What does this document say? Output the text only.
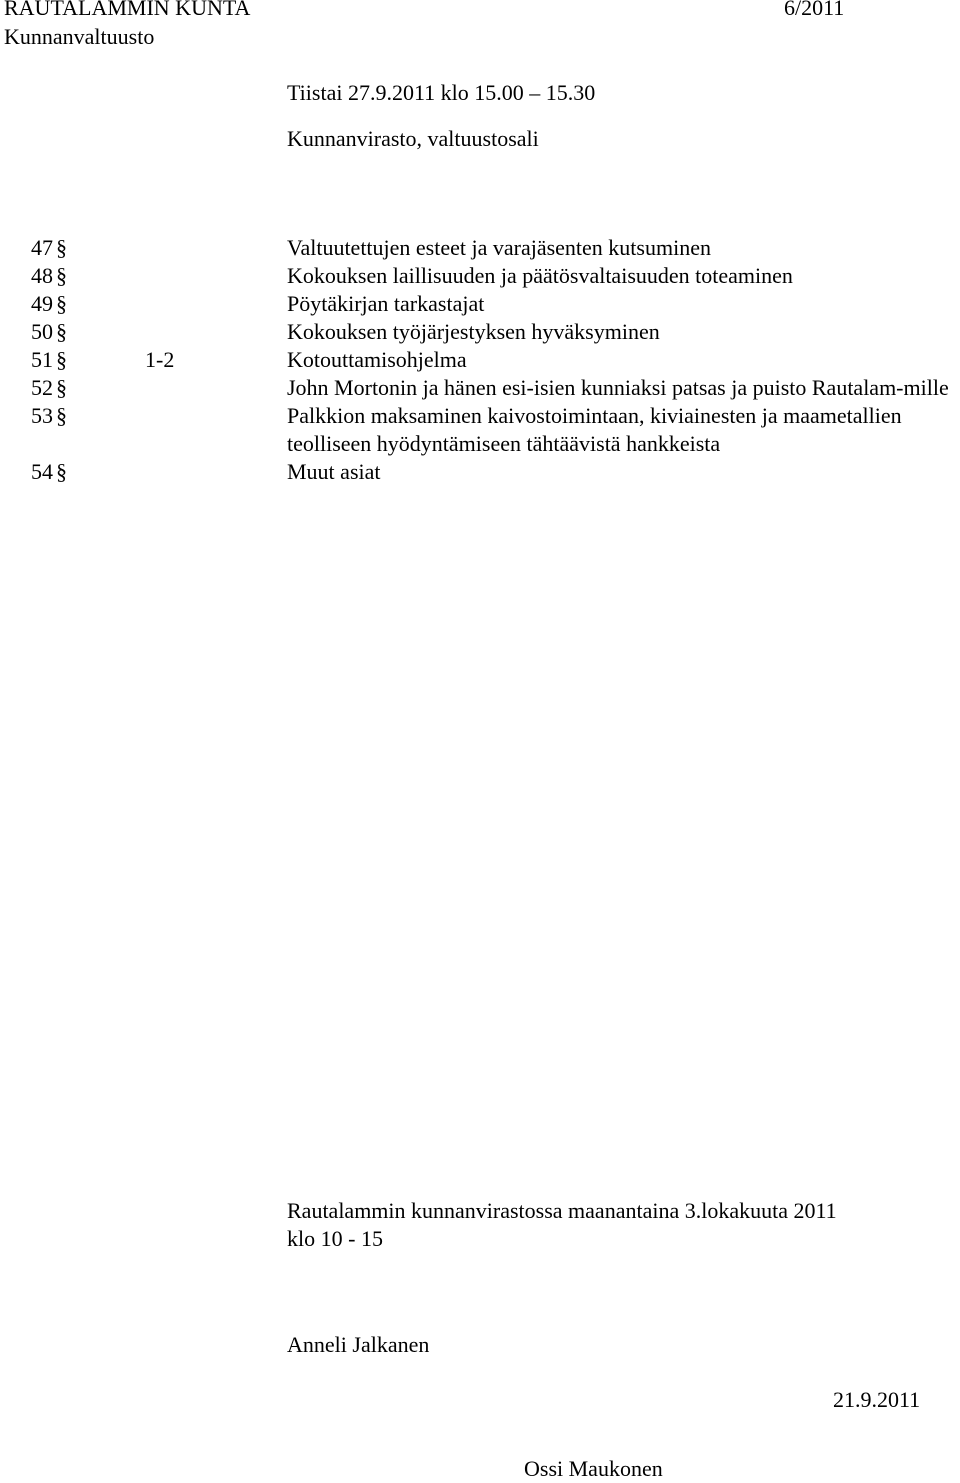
RAUTALAMMIN KUNTA
Kunnanvaltuusto
6/2011
Tiistai 27.9.2011 klo 15.00 – 15.30
Kunnanvirasto, valtuustosali
47 §	Valtuutettujen esteet ja varajäsenten kutsuminen
48 §	Kokouksen laillisuuden ja päätösvaltaisuuden toteaminen
49 §	Pöytäkirjan tarkastajat
50 §	Kokouksen työjärjestyksen hyväksyminen
51 §	1-2	Kotouttamisohjelma
52 §	John Mortonin ja hänen esi-isien kunniaksi patsas ja puisto Rautalam-mille
53 §	Palkkion maksaminen kaivostoimintaan, kiviainesten ja maametallien teolliseen hyödyntämiseen tähtäävistä hankkeista
54 §	Muut asiat
Rautalammin kunnanvirastossa maanantaina 3.lokakuuta 2011
klo 10 - 15
Anneli Jalkanen
21.9.2011
Ossi Maukonen
